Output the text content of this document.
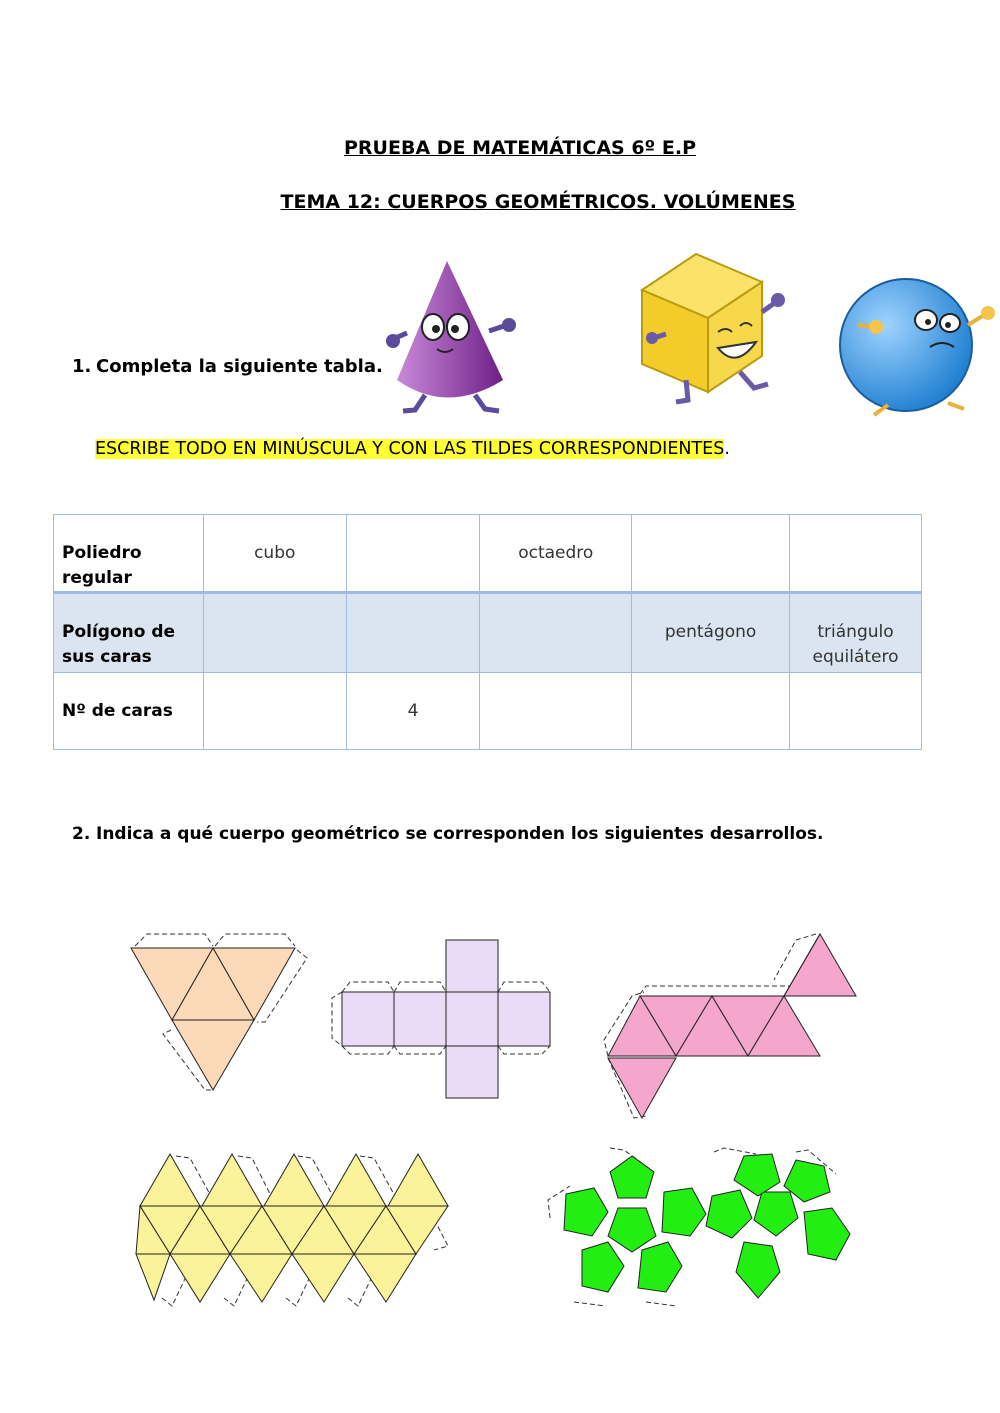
PRUEBA DE MATEMÁTICAS 6º E.P
TEMA 12: CUERPOS GEOMÉTRICOS. VOLÚMENES
1. Completa la siguiente tabla.
ESCRIBE TODO EN MINÚSCULA Y CON LAS TILDES CORRESPONDIENTES.
Poliedro regular	cubo		octaedro		
Polígono de sus caras				pentágono	triángulo equilátero
Nº de caras		4			
2. Indica a qué cuerpo geométrico se corresponden los siguientes desarrollos.
